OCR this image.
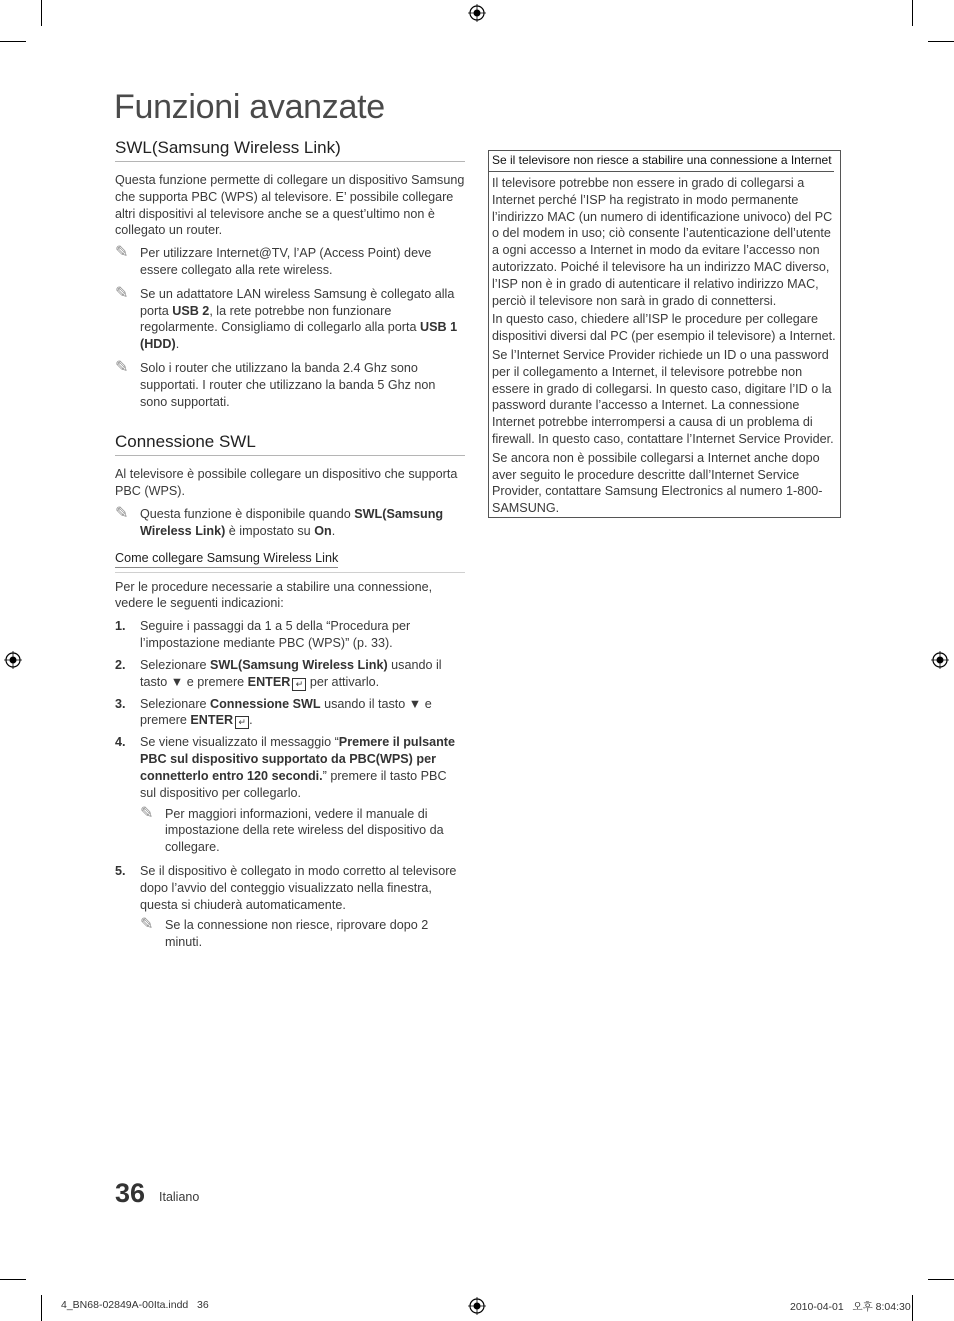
Funzioni avanzate
SWL(Samsung Wireless Link)

Questa funzione permette di collegare un dispositivo Samsung che supporta PBC (WPS) al televisore. E’ possibile collegare altri dispositivi al televisore anche se a quest’ultimo non è collegato un router.

✎ Per utilizzare Internet@TV, l’AP (Access Point) deve essere collegato alla rete wireless.
✎ Se un adattatore LAN wireless Samsung è collegato alla porta USB 2, la rete potrebbe non funzionare regolarmente. Consigliamo di collegarlo alla porta USB 1 (HDD).
✎ Solo i router che utilizzano la banda 2.4 Ghz sono supportati. I router che utilizzano la banda 5 Ghz non sono supportati.
Connessione SWL

Al televisore è possibile collegare un dispositivo che supporta PBC (WPS).

✎ Questa funzione è disponibile quando SWL(Samsung Wireless Link) è impostato su On.
Come collegare Samsung Wireless Link

Per le procedure necessarie a stabilire una connessione, vedere le seguenti indicazioni:

1. Seguire i passaggi da 1 a 5 della “Procedura per l’impostazione mediante PBC (WPS)” (p. 33).
2. Selezionare SWL(Samsung Wireless Link) usando il tasto ▼ e premere ENTER ↵ per attivarlo.
3. Selezionare Connessione SWL usando il tasto ▼ e premere ENTER ↵ .
4. Se viene visualizzato il messaggio “Premere il pulsante PBC sul dispositivo supportato da PBC(WPS) per connetterlo entro 120 secondi.” premere il tasto PBC sul dispositivo per collegarlo.
✎ Per maggiori informazioni, vedere il manuale di impostazione della rete wireless del dispositivo da collegare.
5. Se il dispositivo è collegato in modo corretto al televisore dopo l’avvio del conteggio visualizzato nella finestra, questa si chiuderà automaticamente.
✎ Se la connessione non riesce, riprovare dopo 2 minuti.
Se il televisore non riesce a stabilire una connessione a Internet

Il televisore potrebbe non essere in grado di collegarsi a Internet perché l’ISP ha registrato in modo permanente l’indirizzo MAC (un numero di identificazione univoco) del PC o del modem in uso; ciò consente l’autenticazione dell’utente a ogni accesso a Internet in modo da evitare l’accesso non autorizzato. Poiché il televisore ha un indirizzo MAC diverso, l’ISP non è in grado di autenticare il relativo indirizzo MAC, perciò il televisore non sarà in grado di connettersi.

In questo caso, chiedere all’ISP le procedure per collegare dispositivi diversi dal PC (per esempio il televisore) a Internet.

Se l’Internet Service Provider richiede un ID o una password per il collegamento a Internet, il televisore potrebbe non essere in grado di collegarsi. In questo caso, digitare l’ID o la password durante l’accesso a Internet. La connessione Internet potrebbe interrompersi a causa di un problema di firewall. In questo caso, contattare l’Internet Service Provider.

Se ancora non è possibile collegarsi a Internet anche dopo aver seguito le procedure descritte dall’Internet Service Provider, contattare Samsung Electronics al numero 1-800-SAMSUNG.

36 Italiano
4_BN68-02849A-00Ita.indd   36	2010-04-01   오후 8:04:30
